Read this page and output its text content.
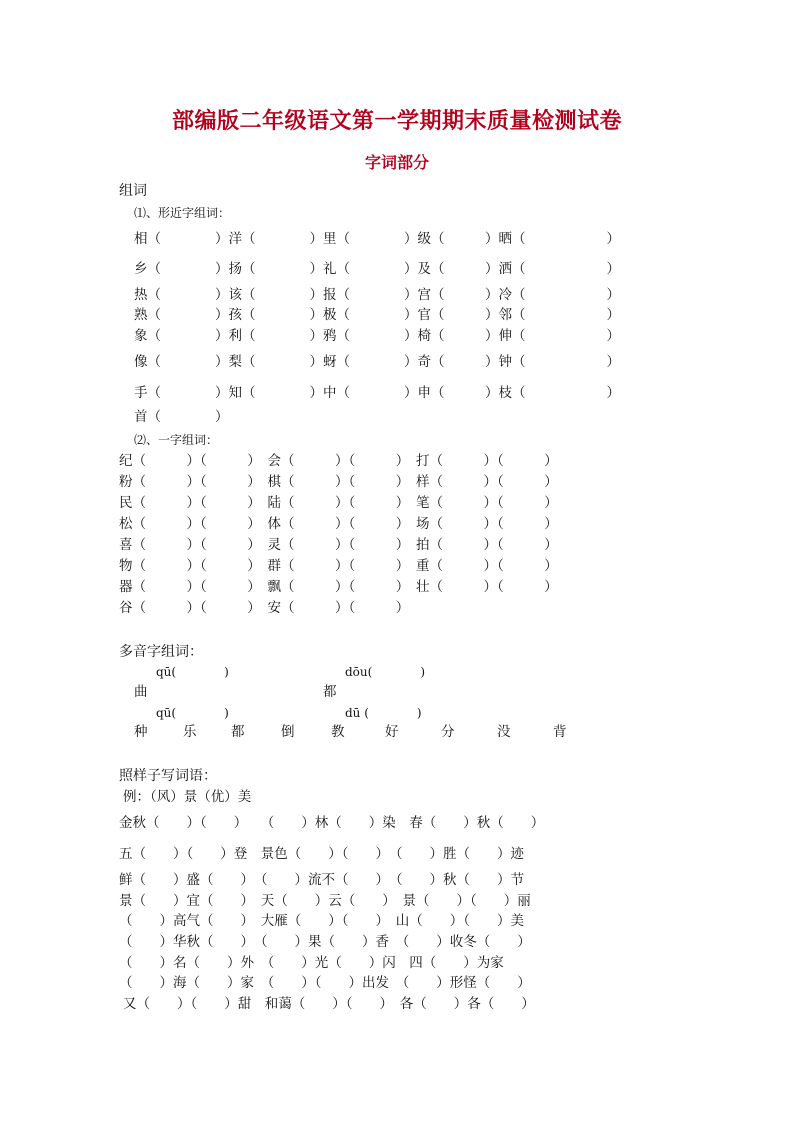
部编版二年级语文第一学期期末质量检测试卷
字词部分
组词
⑴、形近字组词：
相（　　　　）洋（　　　　）里（　　　　）级（　　　）晒（　　　　　　）
乡（　　　　）扬（　　　　）礼（　　　　）及（　　　）洒（　　　　　　）
热（　　　　）该（　　　　）报（　　　　）宫（　　　）冷（　　　　　　）
熟（　　　　）孩（　　　　）极（　　　　）官（　　　）邻（　　　　　　）
象（　　　　）利（　　　　）鸦（　　　　）椅（　　　）伸（　　　　　　）
像（　　　　）梨（　　　　）蚜（　　　　）奇（　　　）钟（　　　　　　）
手（　　　　）知（　　　　）中（　　　　）申（　　　）枝（　　　　　　）
首（　　　　）
⑵、一字组词：
纪（　　　）（　　　）　会（　　　）（　　　）　打（　　　）（　　　）
粉（　　　）（　　　）　棋（　　　）（　　　）　样（　　　）（　　　）
民（　　　）（　　　）　陆（　　　）（　　　）　笔（　　　）（　　　）
松（　　　）（　　　）　体（　　　）（　　　）　场（　　　）（　　　）
喜（　　　）（　　　）　灵（　　　）（　　　）　拍（　　　）（　　　）
物（　　　）（　　　）　群（　　　）（　　　）　重（　　　）（　　　）
器（　　　）（　　　）　飘（　　　）（　　　）　壮（　　　）（　　　）
谷（　　　）（　　　）　安（　　　）（　　　）
多音字组词：
qū(　　　　)	dōu(　　　　)
曲	都
qū(　　　　)	dū (　　　　)
种	乐	都	倒	教	好	分	没	背
照样子写词语：
例：（风）景（优）美
金秋（　　）（　　）　　（　　）林（　　）染　春（　　）秋（　　）
五（　　）（　　）登　景色（　　）（　　）　（　　）胜（　　）迹
鲜（　　）盛（　　）　（　　）流不（　　）　（　　）秋（　　）节
景（　　）宜（　　）　天（　　）云（　　）　景（　　）（　　）丽
（　　）高气（　　）　大雁（　　）（　　）　山（　　）（　　）美
（　　）华秋（　　）　（　　）果（　　）香　（　　）收冬（　　）
（　　）名（　　）外　（　　）光（　　）闪　四（　　）为家
（　　）海（　　）家　（　　）（　　）出发　（　　）形怪（　　）
又（　　）（　　）甜　和蔼（　　）（　　）　各（　　）各（　　）
